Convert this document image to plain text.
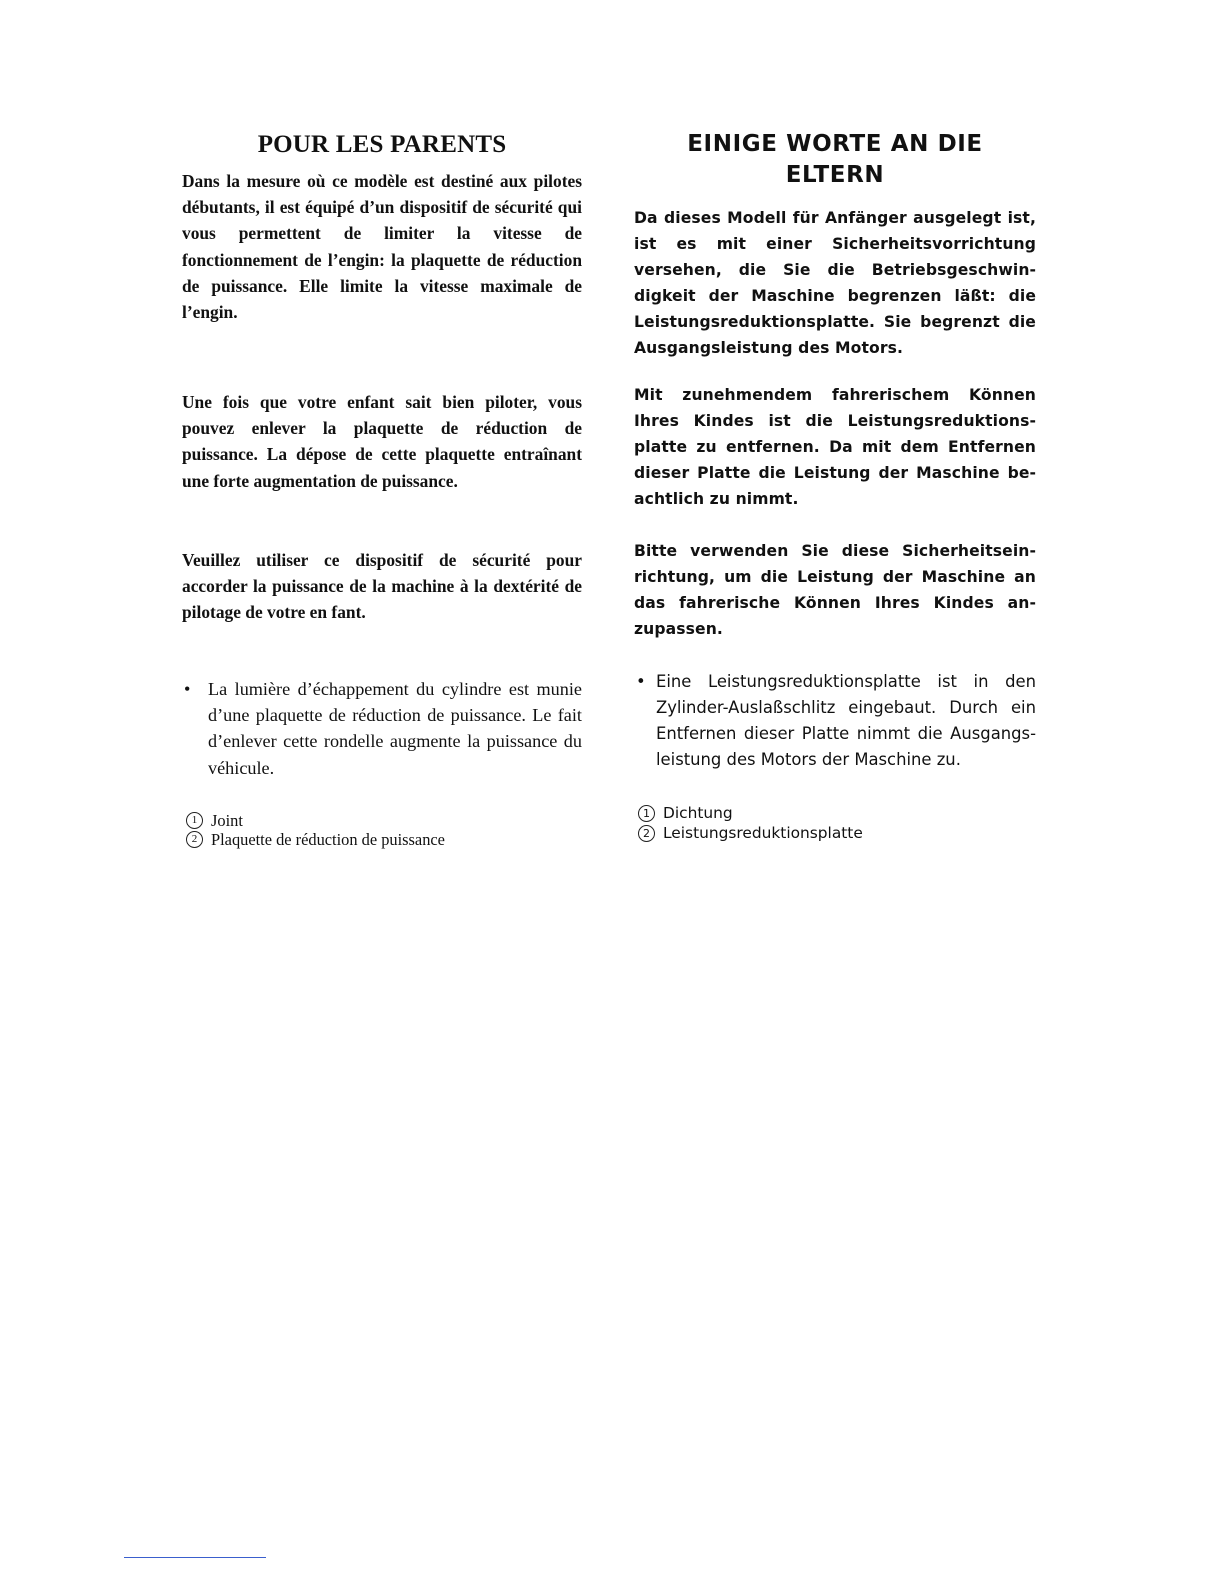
POUR LES PARENTS

Dans la mesure où ce modèle est destiné aux pilotes débutants, il est équipé d’un dispositif de sécurité qui vous permettent de limiter la vitesse de fonctionnement de l’engin: la plaquette de réduction de puissance. Elle limite la vitesse maximale de l’engin.

Une fois que votre enfant sait bien piloter, vous pouvez enlever la plaquette de réduction de puissance. La dépose de cette plaquette entraînant une forte augmentation de puissance.

Veuillez utiliser ce dispositif de sécurité pour accorder la puissance de la machine à la dextérité de pilotage de votre en fant.

• La lumière d’échappement du cylindre est munie d’une plaquette de réduction de puissance. Le fait d’enlever cette rondelle augmente la puissance du véhicule.
1 Joint
2 Plaquette de réduction de puissance
EINIGE WORTE AN DIE ELTERN

Da dieses Modell für Anfänger ausgelegt ist, ist es mit einer Sicherheitsvorrichtung versehen, die Sie die Betriebsgeschwindigkeit der Maschine begrenzen läßt: die Leistungsreduktionsplatte. Sie begrenzt die Ausgangsleistung des Motors.

Mit zunehmendem fahrerischem Können Ihres Kindes ist die Leistungsreduktionsplatte zu entfernen. Da mit dem Entfernen dieser Platte die Leistung der Maschine beachtlich zu nimmt.

Bitte verwenden Sie diese Sicherheitseinrichtung, um die Leistung der Maschine an das fahrerische Können Ihres Kindes anzupassen.

• Eine Leistungsreduktionsplatte ist in den Zylinder-Auslaßschlitz eingebaut. Durch ein Entfernen dieser Platte nimmt die Ausgangsleistung des Motors der Maschine zu.
1 Dichtung
2 Leistungsreduktionsplatte
